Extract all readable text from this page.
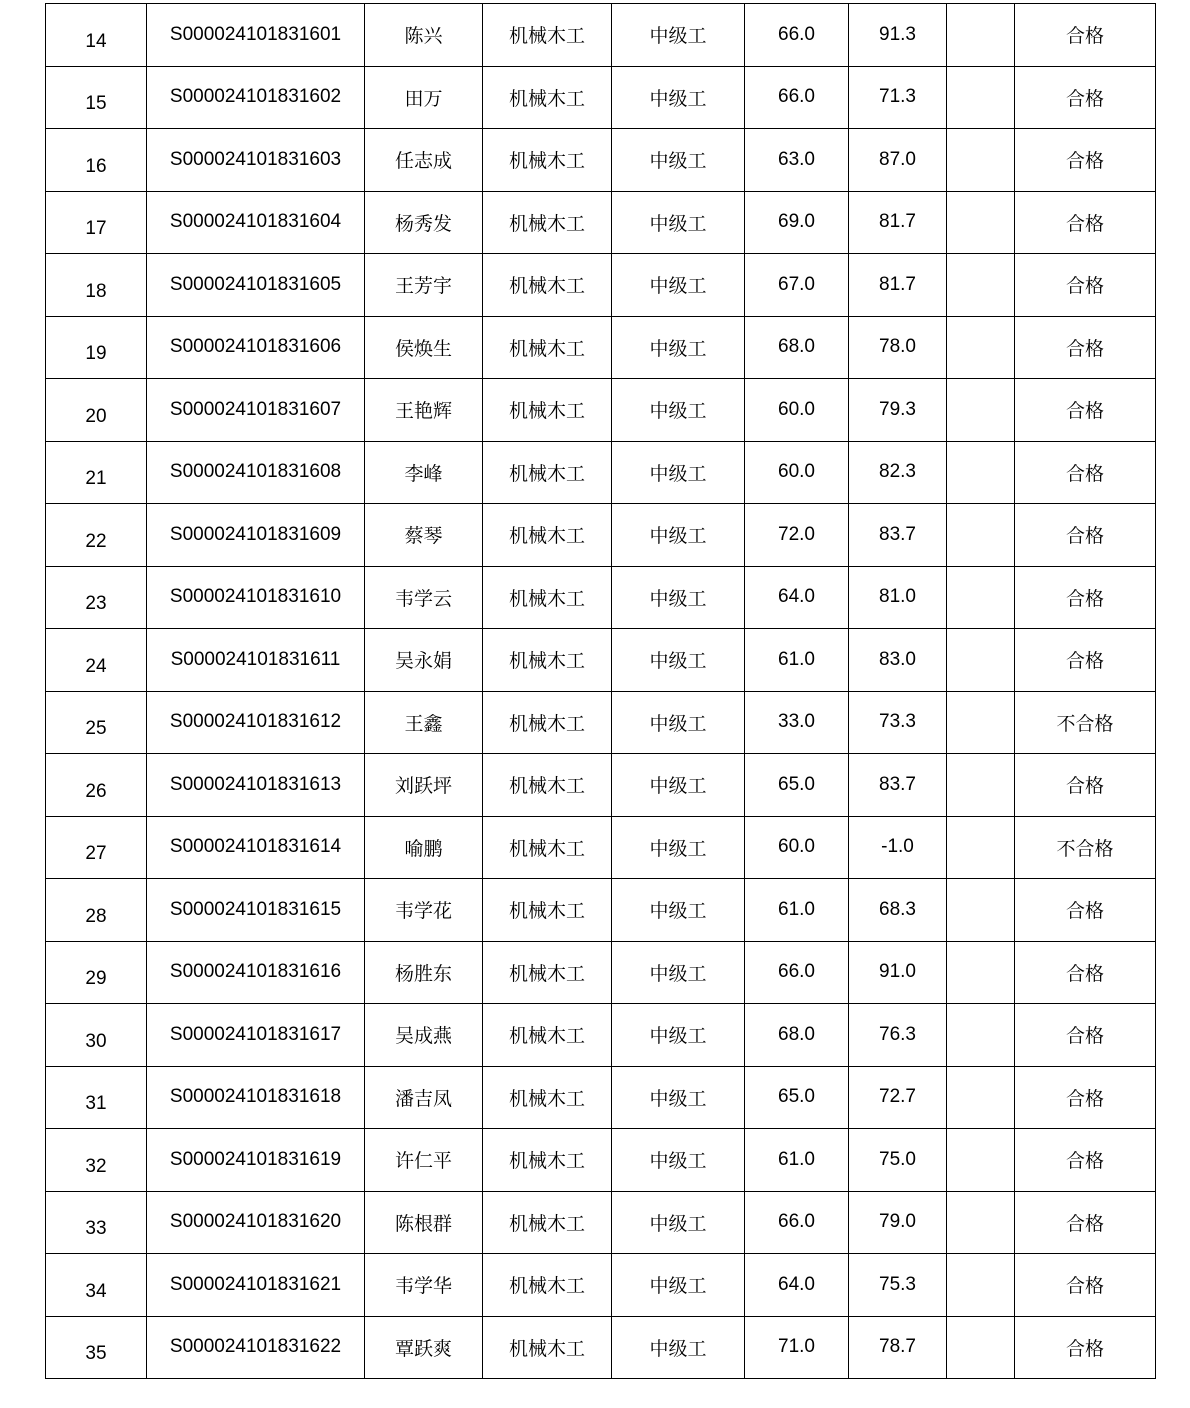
14	S000024101831601	陈兴	机械木工	中级工	66.0	91.3		合格
15	S000024101831602	田万	机械木工	中级工	66.0	71.3		合格
16	S000024101831603	任志成	机械木工	中级工	63.0	87.0		合格
17	S000024101831604	杨秀发	机械木工	中级工	69.0	81.7		合格
18	S000024101831605	王芳宇	机械木工	中级工	67.0	81.7		合格
19	S000024101831606	侯焕生	机械木工	中级工	68.0	78.0		合格
20	S000024101831607	王艳辉	机械木工	中级工	60.0	79.3		合格
21	S000024101831608	李峰	机械木工	中级工	60.0	82.3		合格
22	S000024101831609	蔡琴	机械木工	中级工	72.0	83.7		合格
23	S000024101831610	韦学云	机械木工	中级工	64.0	81.0		合格
24	S000024101831611	吴永娟	机械木工	中级工	61.0	83.0		合格
25	S000024101831612	王鑫	机械木工	中级工	33.0	73.3		不合格
26	S000024101831613	刘跃坪	机械木工	中级工	65.0	83.7		合格
27	S000024101831614	喻鹏	机械木工	中级工	60.0	-1.0		不合格
28	S000024101831615	韦学花	机械木工	中级工	61.0	68.3		合格
29	S000024101831616	杨胜东	机械木工	中级工	66.0	91.0		合格
30	S000024101831617	吴成燕	机械木工	中级工	68.0	76.3		合格
31	S000024101831618	潘吉凤	机械木工	中级工	65.0	72.7		合格
32	S000024101831619	许仁平	机械木工	中级工	61.0	75.0		合格
33	S000024101831620	陈根群	机械木工	中级工	66.0	79.0		合格
34	S000024101831621	韦学华	机械木工	中级工	64.0	75.3		合格
35	S000024101831622	覃跃爽	机械木工	中级工	71.0	78.7		合格
